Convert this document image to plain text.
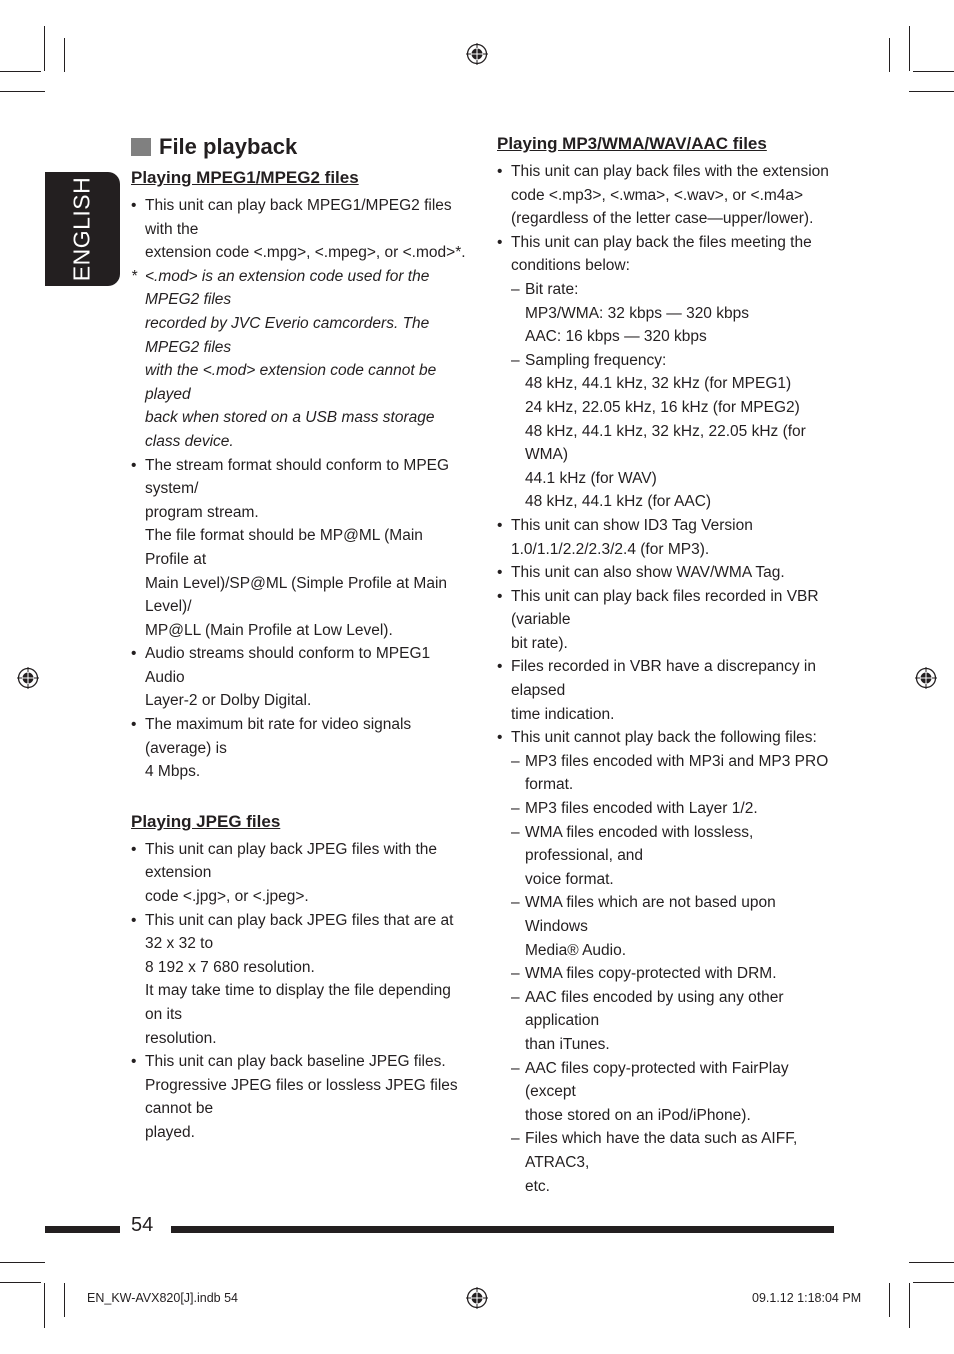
ENGLISH
File playback
Playing MPEG1/MPEG2 files

• This unit can play back MPEG1/MPEG2 files with the

extension code <.mpg>, <.mpeg>, or <.mod>*.

* <.mod> is an extension code used for the MPEG2 files

recorded by JVC Everio camcorders. The MPEG2 files

with the <.mod> extension code cannot be played

back when stored on a USB mass storage class device.

• The stream format should conform to MPEG system/

program stream.

The file format should be MP@ML (Main Profile at

Main Level)/SP@ML (Simple Profile at Main Level)/

MP@LL (Main Profile at Low Level).

• Audio streams should conform to MPEG1 Audio

Layer-2 or Dolby Digital.

• The maximum bit rate for video signals (average) is

4 Mbps.

Playing JPEG files

• This unit can play back JPEG files with the extension

code <.jpg>, or <.jpeg>.

• This unit can play back JPEG files that are at 32 x 32 to

8 192 x 7 680 resolution.

It may take time to display the file depending on its

resolution.

• This unit can play back baseline JPEG files.

Progressive JPEG files or lossless JPEG files cannot be

played.

Playing MP3/WMA/WAV/AAC files

• This unit can play back files with the extension

code <.mp3>, <.wma>, <.wav>, or <.m4a>

(regardless of the letter case—upper/lower).

• This unit can play back the files meeting the

conditions below:

– Bit rate:

MP3/WMA: 32 kbps — 320 kbps

AAC: 16 kbps — 320 kbps

– Sampling frequency:

48 kHz, 44.1 kHz, 32 kHz (for MPEG1)

24 kHz, 22.05 kHz, 16 kHz (for MPEG2)

48 kHz, 44.1 kHz, 32 kHz, 22.05 kHz (for WMA)

44.1 kHz (for WAV)

48 kHz, 44.1 kHz (for AAC)

• This unit can show ID3 Tag Version

1.0/1.1/2.2/2.3/2.4 (for MP3).

• This unit can also show WAV/WMA Tag.

• This unit can play back files recorded in VBR (variable

bit rate).

• Files recorded in VBR have a discrepancy in elapsed

time indication.

• This unit cannot play back the following files:

– MP3 files encoded with MP3i and MP3 PRO format.

– MP3 files encoded with Layer 1/2.

– WMA files encoded with lossless, professional, and

voice format.

– WMA files which are not based upon Windows

Media® Audio.

– WMA files copy-protected with DRM.

– AAC files encoded by using any other application

than iTunes.

– AAC files copy-protected with FairPlay (except

those stored on an iPod/iPhone).

– Files which have the data such as AIFF, ATRAC3,

etc.

54
EN_KW-AVX820[J].indb 54	09.1.12 1:18:04 PM
